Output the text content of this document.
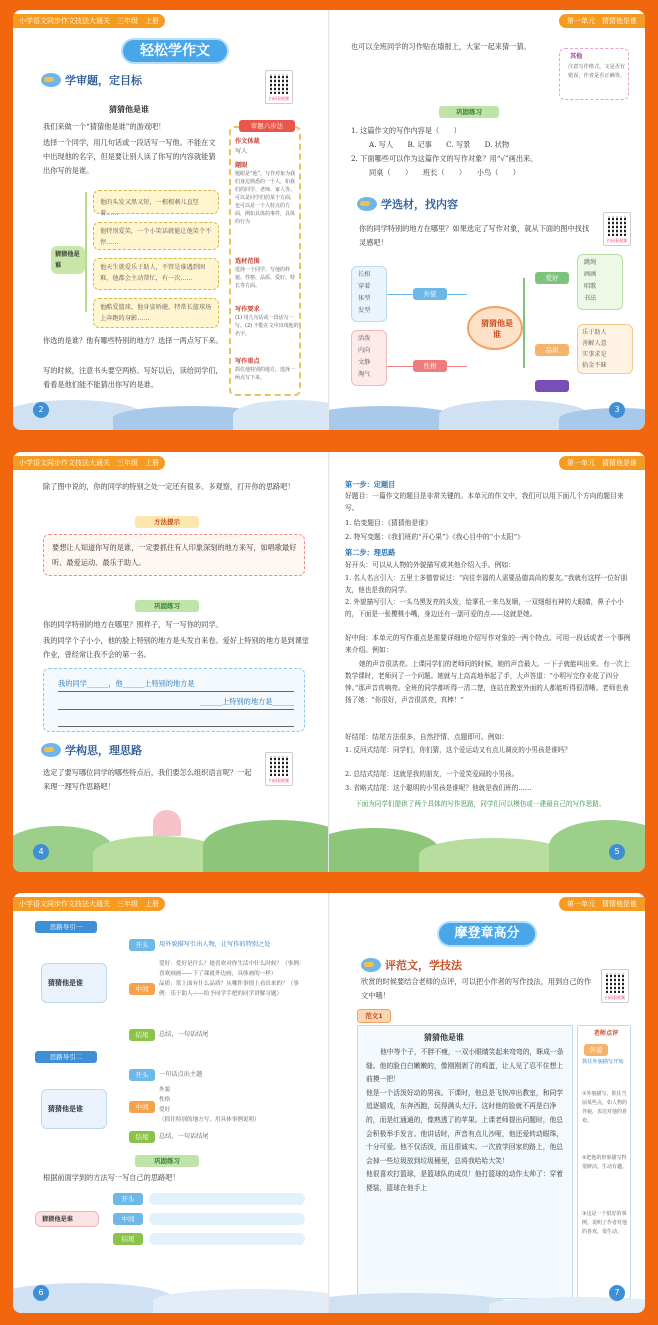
小学语文同步作文技法大通关　 三年级　 上册
轻松学作文
学审题，定目标
扫码看视频
猜猜他是谁
我们来做一个“猜猜他是谁”的游戏吧！
选择一个同学，用几句话或一段话写一写他。不能在文中出现他的名字，但是要让别人读了你写的内容就能猜出你写的是谁。
猜猜他是谁
他的头发又黑又短，一根根刺儿直竖着……
他特别爱笑，一个小笑话就能让他笑个不停……
他天生就爱乐于助人，不管是谁遇到困难，他都会主动帮忙，有一次……
他酷爱篮球，他身姿矫健，特常长篮球场上奔跑的身影……
你选的是谁？他有哪些特别的地方？选择一两点写下来。
写的时候，注意书头要空两格。写好以后，读给同学们，看看是他们能不能猜出你写的是谁。
审题六步法
作文体裁
写人
题眼
题眼是“他”。写作对象为我们身边熟悉的一个人，如我们的同学、老师、家人等。可以是同学们的某个方面，也可以是一个人特点的方面，例如具体的事件，具体的行为
选材范围
选择一个同学，写他的样貌、性格、品质、爱好、特长等方面。
写作要求
(1) 用几句话或一段话写一写。(2) 不能在文中出现他的名字。
写作重点
抓住他特别的地方，选择一两点写下来。
2
第一单元　 猜猜他是谁
也可以全班同学的习作贴在墙报上，大家一起来猜一猜。
其他
注意写作格式，文是否有错误，作者是否正确等。
巩固练习
1. 这篇作文的写作内容是（　　）
A. 写人　　B. 记事　　C. 写景　　D. 状物
2. 下面哪些可以作为这篇作文的写作对象？用“√”画出来。
同桌（　　）　　班长（　　）　　小鸟（　　）
学选材，找内容
扫码看视频
你的同学特别的地方在哪里？如果选定了写作对象，就从下面的图中找找灵感吧！
长相
穿着
体型
发型
活泼
内向
文静
淘气
外貌
性格
猜猜他是谁
爱好
品质
跳绳
画画
唱歌
书法
乐于助人
善解人意
实事求是
拾金不昧
3
小学语文同步作文技法大通关　 三年级　 上册
除了图中说的，你的同学的特别之处一定还有很多。多观察，打开你的思路吧！
方法提示
要想让人知道你写的是谁，一定要抓住有人印象深刻的地方来写，如唱歌最好听、最爱运动、最乐于助人。
巩固练习
你的同学特别的地方在哪里？照样子，写一写你的同学。
我的同学个子小小，他的脸上特别的地方是头发自来卷。爱好上特别的地方是到课堂作业，曾经常让我不会的第一名。
我的同学______，他______上特别的地方是
______上特别的地方是______
学构思，理思路
扫码看视频
选定了要写哪位同学的哪些特点后，我们要怎么组织语言呢？一起来理一理写作思路吧！
4
第一单元　 猜猜他是谁
第一步：定题目
好题目：一篇作文的题目是非常关键的。本单元的作文中，我们可以用下面几个方向的题目来写。
1. 给变题目：《猜猜他是谁》
2. 特写变题：《我们班的“开心果”》《我心目中的“小太阳”》
第二步：理思路
好开头：可以从人物的外貌描写或其他介绍入手。例如：
1. 名人名言引入：五里士多德曾说过：“向往幸福的人需要品德高尚的要友。”我就有这样一位好朋友，他也是我的同学。
2. 外貌描写引入：一头乌黑发亮的头发，给掌孔一来乌发顺，一双细细有神的大眼睛，鼻子小小的，下面是一张樱桃小嘴，身边还有一副可爱的点——这就是她。
好中间：本单元的写作重点是需要详细地介绍写作对象的一两个特点。可用一段话或者一个事例来介绍。例如：
她的声音很洪亮。上课同学们的老师问的时候，她的声音最大。一下子就能叫出来。有一次上数学课时，老师问了一个问题。她就与上高高地举起了手，大声答道：“小明写完作业花了四分钟。”那声音真响亮。全班的同学都听得一清二楚，连站在教室外面的人都能听得很清晰。老师也表扬了她：“你很好，声音很洪亮，真棒！”
好结尾：结尾方法很多，自然抒情、点题即可。例如：
1. 反问式结尾：同学们，你们猜，这个爱运动又有点儿调皮的小男孩是谁吗？
2. 总结式结尾：这就是我的朋友，一个爱笑爱闹的小男孩。
3. 省略式结尾：这个聪明的小男孩是谁呢？他就是我们班的……
下面为同学们提供了两个具体的写作思路，同学们可以模仿或一建最自己的写作思路。
5
小学语文同步作文技法大通关　 三年级　 上册
思路导引一
猜猜他是谁
开头	用外貌描写引出人物，让写作的特别之处
中间
爱好：爱好是什么？她喜欢对你生活中什么时候？（事例：喜欢画画——下了课就外边画，具体画的一样）
品质：常上面有什么品质？从哪件事情上看出来的？（事例：乐于助人——给予同学手把的同学讲解习题）
结尾	总结，一句话结尾
思路导引二
猜猜他是谁
开头	一句话点出主题
中间
外貌
性格
爱好
（抓住特别的地方写，用具体事例说明）
结尾	总结，一句话结尾
巩固练习
根据前面学到的方法写一写自己的思路吧！
猜猜他是谁
开头
中间
结尾
6
第一单元　 猜猜他是谁
摩登章高分
评范文，学技法
扫码看视频
欣赏的时候要结合老师的点评，可以把小作者的写作技法，用到自己的作文中哦！
范文1
猜猜他是谁
他中等个子，不胖不瘦，一双小眼睛笑起来弯弯的，眯成一条缝。他的脸白白嫩嫩的，像刚刚剥了的鸡蛋，让人见了忍不住想上前摸一把！
他是一个活泼好动的男孩。下课时，他总是飞快冲出教室，和同学追逐嬉戏，东奔西跑，玩得满头大汗。这时他的脸就不再是白净的，而是红通通的，像熟透了的苹果。上课老师提出问题时，他总会积极举手发言。他讲话时，声音有点儿沙哑，他还爱转动眼珠，十分可爱。他不仅活泼，而且很诚实。一次放学回家的路上，他总会掉一些垃圾放到垃圾桶里，总将我哈哈大笑！
他很喜欢打篮球，是篮球队的成员！他打篮球的动作太帅了：穿着便装，篮球在他手上
老师点评
外貌
抓住外貌描写开始
①外貌描写，抓住当前某些点，如人物的外貌，表达对他的喜欢。
②把他的形象描写得很鲜活，生动有趣。
③这是一个很好的事例，说明了作者对他的喜欢，很生动。
7
